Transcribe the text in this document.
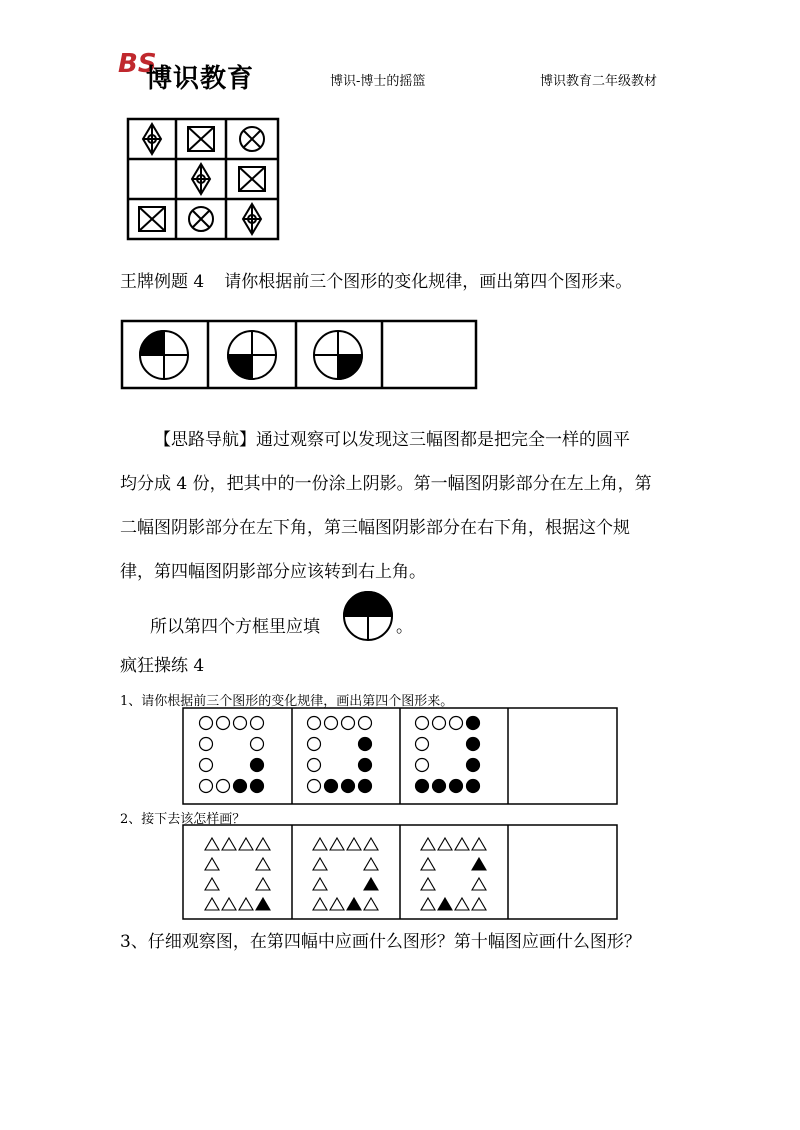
BS
博识教育	博识-博士的摇篮	博识教育二年级教材
王牌例题 4 请你根据前三个图形的变化规律，画出第四个图形来。
【思路导航】通过观察可以发现这三幅图都是把完全一样的圆平
均分成 4 份，把其中的一份涂上阴影。第一幅图阴影部分在左上角，第
二幅图阴影部分在左下角，第三幅图阴影部分在右下角，根据这个规
律，第四幅图阴影部分应该转到右上角。
所以第四个方框里应填	。
疯狂操练 4
1、请你根据前三个图形的变化规律，画出第四个图形来。
2、接下去该怎样画？
3、仔细观察图，在第四幅中应画什么图形？第十幅图应画什么图形？
